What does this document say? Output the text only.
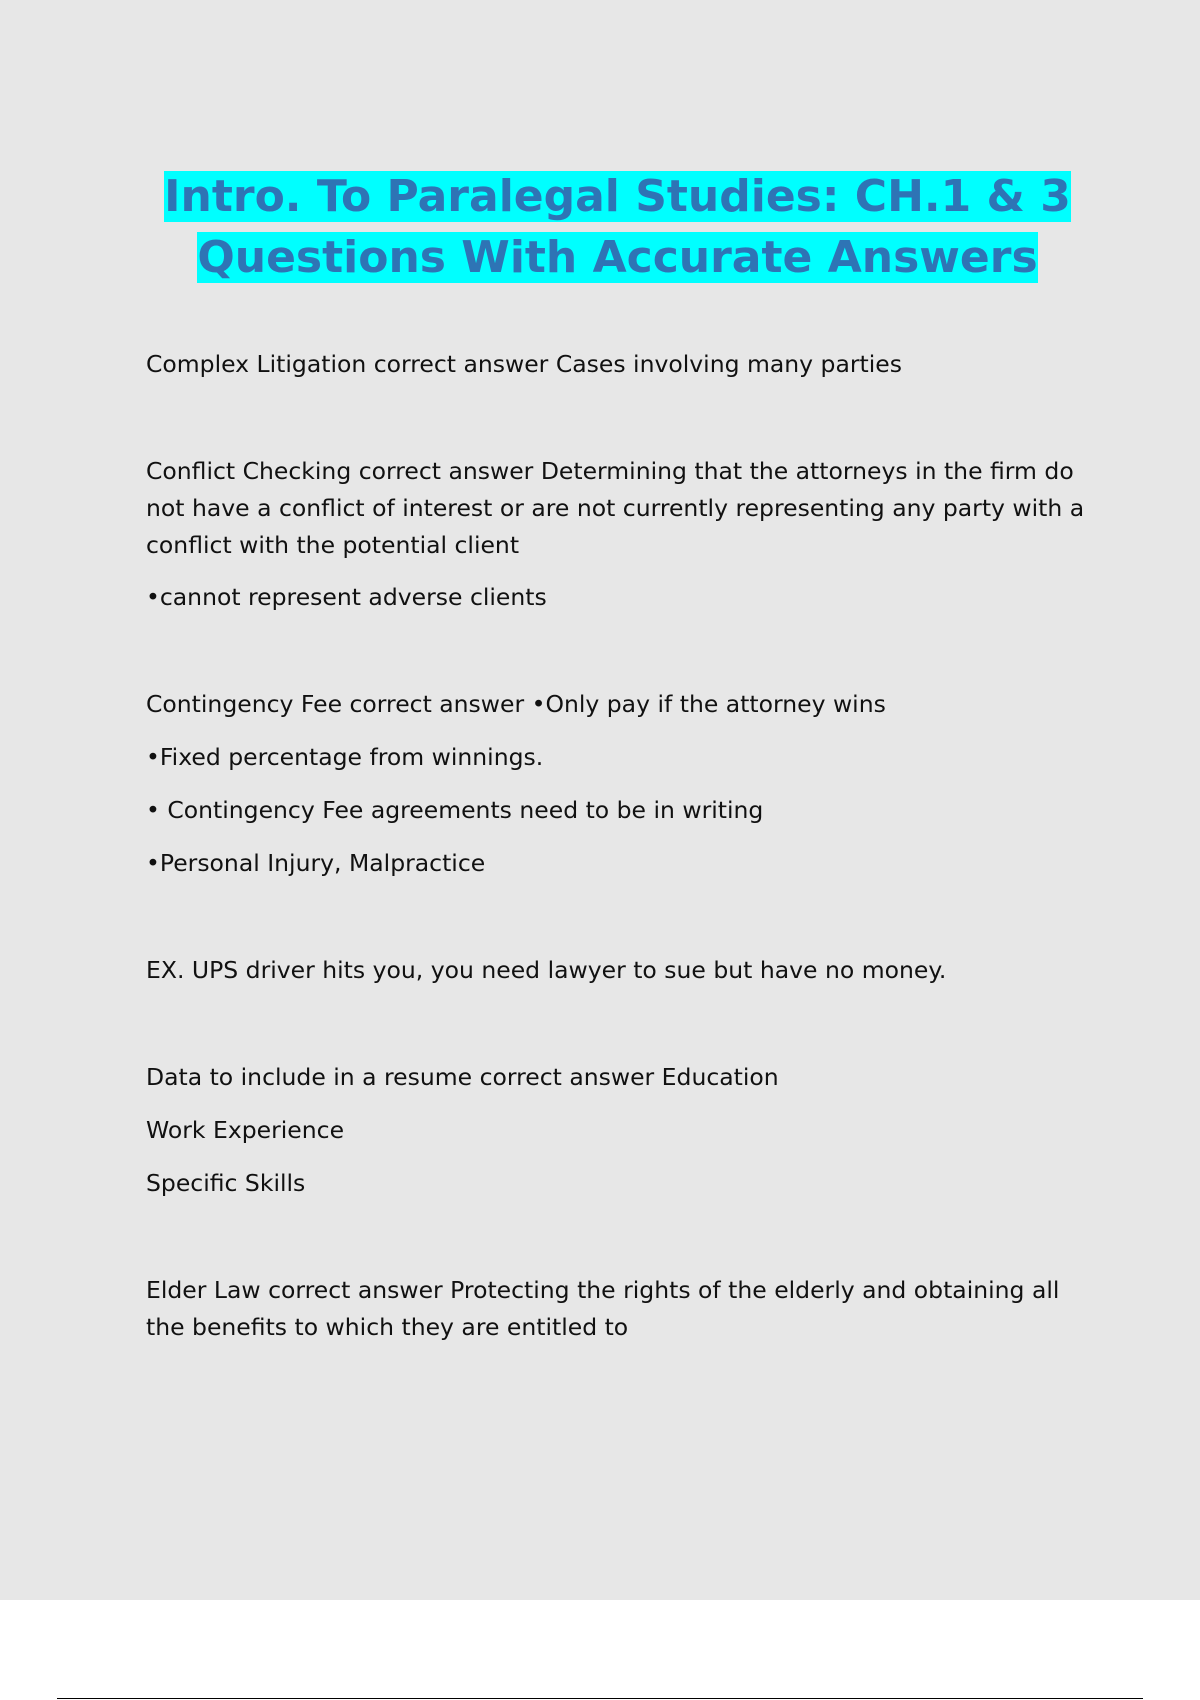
Intro. To Paralegal Studies: CH.1 & 3 Questions With Accurate Answers

Complex Litigation correct answer Cases involving many parties

Conflict Checking correct answer Determining that the attorneys in the firm do not have a conflict of interest or are not currently representing any party with a conflict with the potential client

•cannot represent adverse clients

Contingency Fee correct answer •Only pay if the attorney wins

•Fixed percentage from winnings.

• Contingency Fee agreements need to be in writing

•Personal Injury, Malpractice

EX. UPS driver hits you, you need lawyer to sue but have no money.

Data to include in a resume correct answer Education

Work Experience

Specific Skills

Elder Law correct answer Protecting the rights of the elderly and obtaining all the benefits to which they are entitled to
